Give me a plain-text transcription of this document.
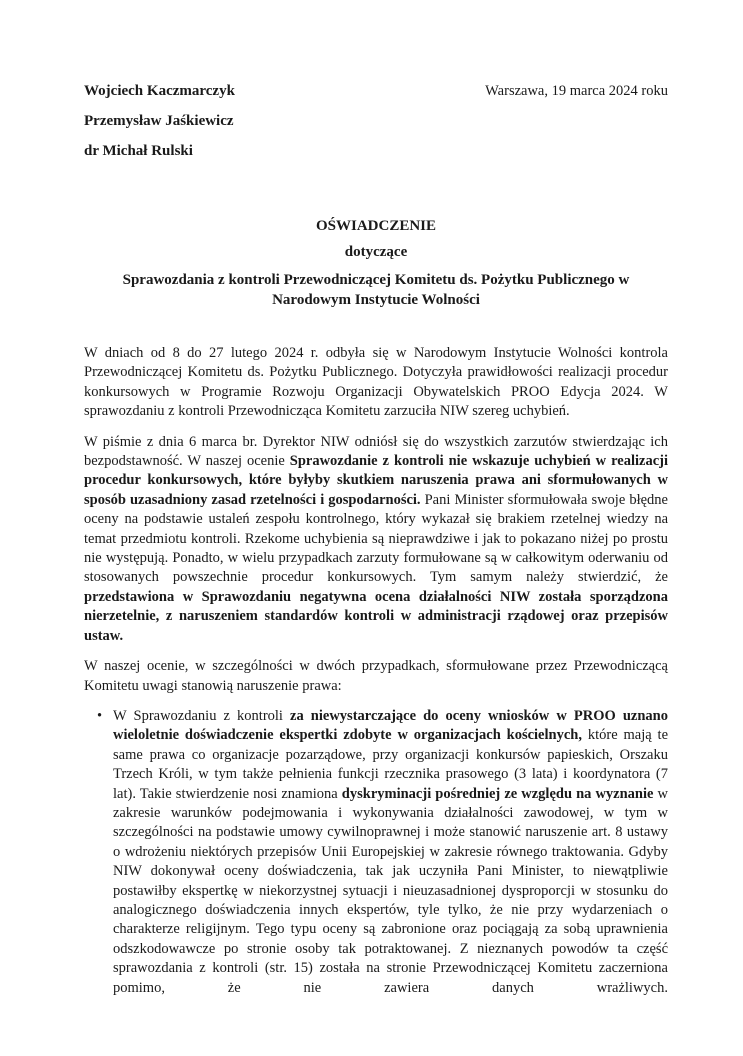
Wojciech Kaczmarczyk
Przemysław Jaśkiewicz
dr Michał Rulski
Warszawa, 19 marca 2024 roku
OŚWIADCZENIE
dotyczące
Sprawozdania z kontroli Przewodniczącej Komitetu ds. Pożytku Publicznego w Narodowym Instytucie Wolności

W dniach od 8 do 27 lutego 2024 r. odbyła się w Narodowym Instytucie Wolności kontrola Przewodniczącej Komitetu ds. Pożytku Publicznego. Dotyczyła prawidłowości realizacji procedur konkursowych w Programie Rozwoju Organizacji Obywatelskich PROO Edycja 2024. W sprawozdaniu z kontroli Przewodnicząca Komitetu zarzuciła NIW szereg uchybień.

W piśmie z dnia 6 marca br. Dyrektor NIW odniósł się do wszystkich zarzutów stwierdzając ich bezpodstawność. W naszej ocenie Sprawozdanie z kontroli nie wskazuje uchybień w realizacji procedur konkursowych, które byłyby skutkiem naruszenia prawa ani sformułowanych w sposób uzasadniony zasad rzetelności i gospodarności. Pani Minister sformułowała swoje błędne oceny na podstawie ustaleń zespołu kontrolnego, który wykazał się brakiem rzetelnej wiedzy na temat przedmiotu kontroli. Rzekome uchybienia są nieprawdziwe i jak to pokazano niżej po prostu nie występują. Ponadto, w wielu przypadkach zarzuty formułowane są w całkowitym oderwaniu od stosowanych powszechnie procedur konkursowych. Tym samym należy stwierdzić, że przedstawiona w Sprawozdaniu negatywna ocena działalności NIW została sporządzona nierzetelnie, z naruszeniem standardów kontroli w administracji rządowej oraz przepisów ustaw.

W naszej ocenie, w szczególności w dwóch przypadkach, sformułowane przez Przewodniczącą Komitetu uwagi stanowią naruszenie prawa:

• W Sprawozdaniu z kontroli za niewystarczające do oceny wniosków w PROO uznano wieloletnie doświadczenie ekspertki zdobyte w organizacjach kościelnych, które mają te same prawa co organizacje pozarządowe, przy organizacji konkursów papieskich, Orszaku Trzech Króli, w tym także pełnienia funkcji rzecznika prasowego (3 lata) i koordynatora (7 lat). Takie stwierdzenie nosi znamiona dyskryminacji pośredniej ze względu na wyznanie w zakresie warunków podejmowania i wykonywania działalności zawodowej, w tym w szczególności na podstawie umowy cywilnoprawnej i może stanowić naruszenie art. 8 ustawy o wdrożeniu niektórych przepisów Unii Europejskiej w zakresie równego traktowania. Gdyby NIW dokonywał oceny doświadczenia, tak jak uczyniła Pani Minister, to niewątpliwie postawiłby ekspertkę w niekorzystnej sytuacji i nieuzasadnionej dysproporcji w stosunku do analogicznego doświadczenia innych ekspertów, tyle tylko, że nie przy wydarzeniach o charakterze religijnym. Tego typu oceny są zabronione oraz pociągają za sobą uprawnienia odszkodowawcze po stronie osoby tak potraktowanej. Z nieznanych powodów ta część sprawozdania z kontroli (str. 15) została na stronie Przewodniczącej Komitetu zaczerniona pomimo, że nie zawiera danych wrażliwych.
